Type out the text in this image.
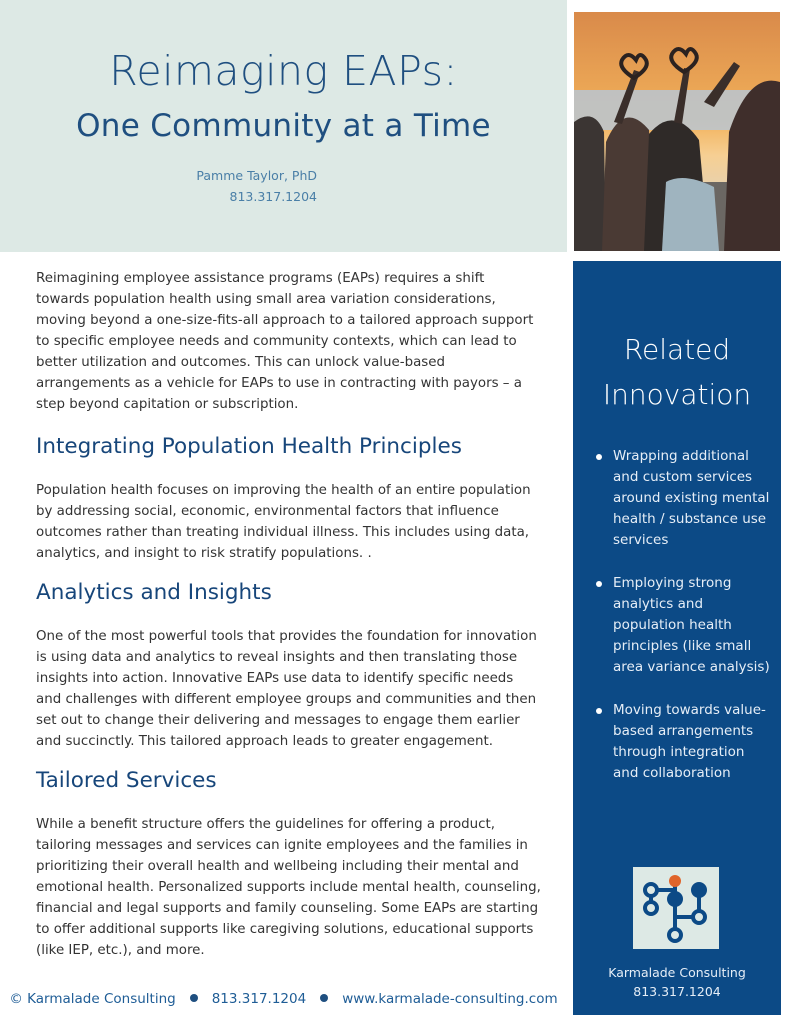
Reimaging EAPs:
One Community at a Time
Pamme Taylor, PhD
813.317.1204
Reimagining employee assistance programs (EAPs) requires a shift towards population health using small area variation considerations, moving beyond a one-size-fits-all approach to a tailored approach support to specific employee needs and community contexts, which can lead to better utilization and outcomes. This can unlock value-based arrangements as a vehicle for EAPs to use in contracting with payors – a step beyond capitation or subscription.
Integrating Population Health Principles
Population health focuses on improving the health of an entire population by addressing social, economic, environmental factors that influence outcomes rather than treating individual illness. This includes using data, analytics, and insight to risk stratify populations. .
Analytics and Insights
One of the most powerful tools that provides the foundation for innovation is using data and analytics to reveal insights and then translating those insights into action. Innovative EAPs use data to identify specific needs and challenges with different employee groups and communities and then set out to change their delivering and messages to engage them earlier and succinctly. This tailored approach leads to greater engagement.
Tailored Services
While a benefit structure offers the guidelines for offering a product, tailoring messages and services can ignite employees and the families in prioritizing their overall health and wellbeing including their mental and emotional health. Personalized supports include mental health, counseling, financial and legal supports and family counseling. Some EAPs are starting to offer additional supports like caregiving solutions, educational supports (like IEP, etc.), and more.
Related
Innovation
Wrapping additional and custom services around existing mental health / substance use services
Employing strong analytics and population health principles (like small area variance analysis)
Moving towards value-based arrangements through integration and collaboration
Karmalade Consulting
813.317.1204
© Karmalade Consulting	813.317.1204	www.karmalade-consulting.com
